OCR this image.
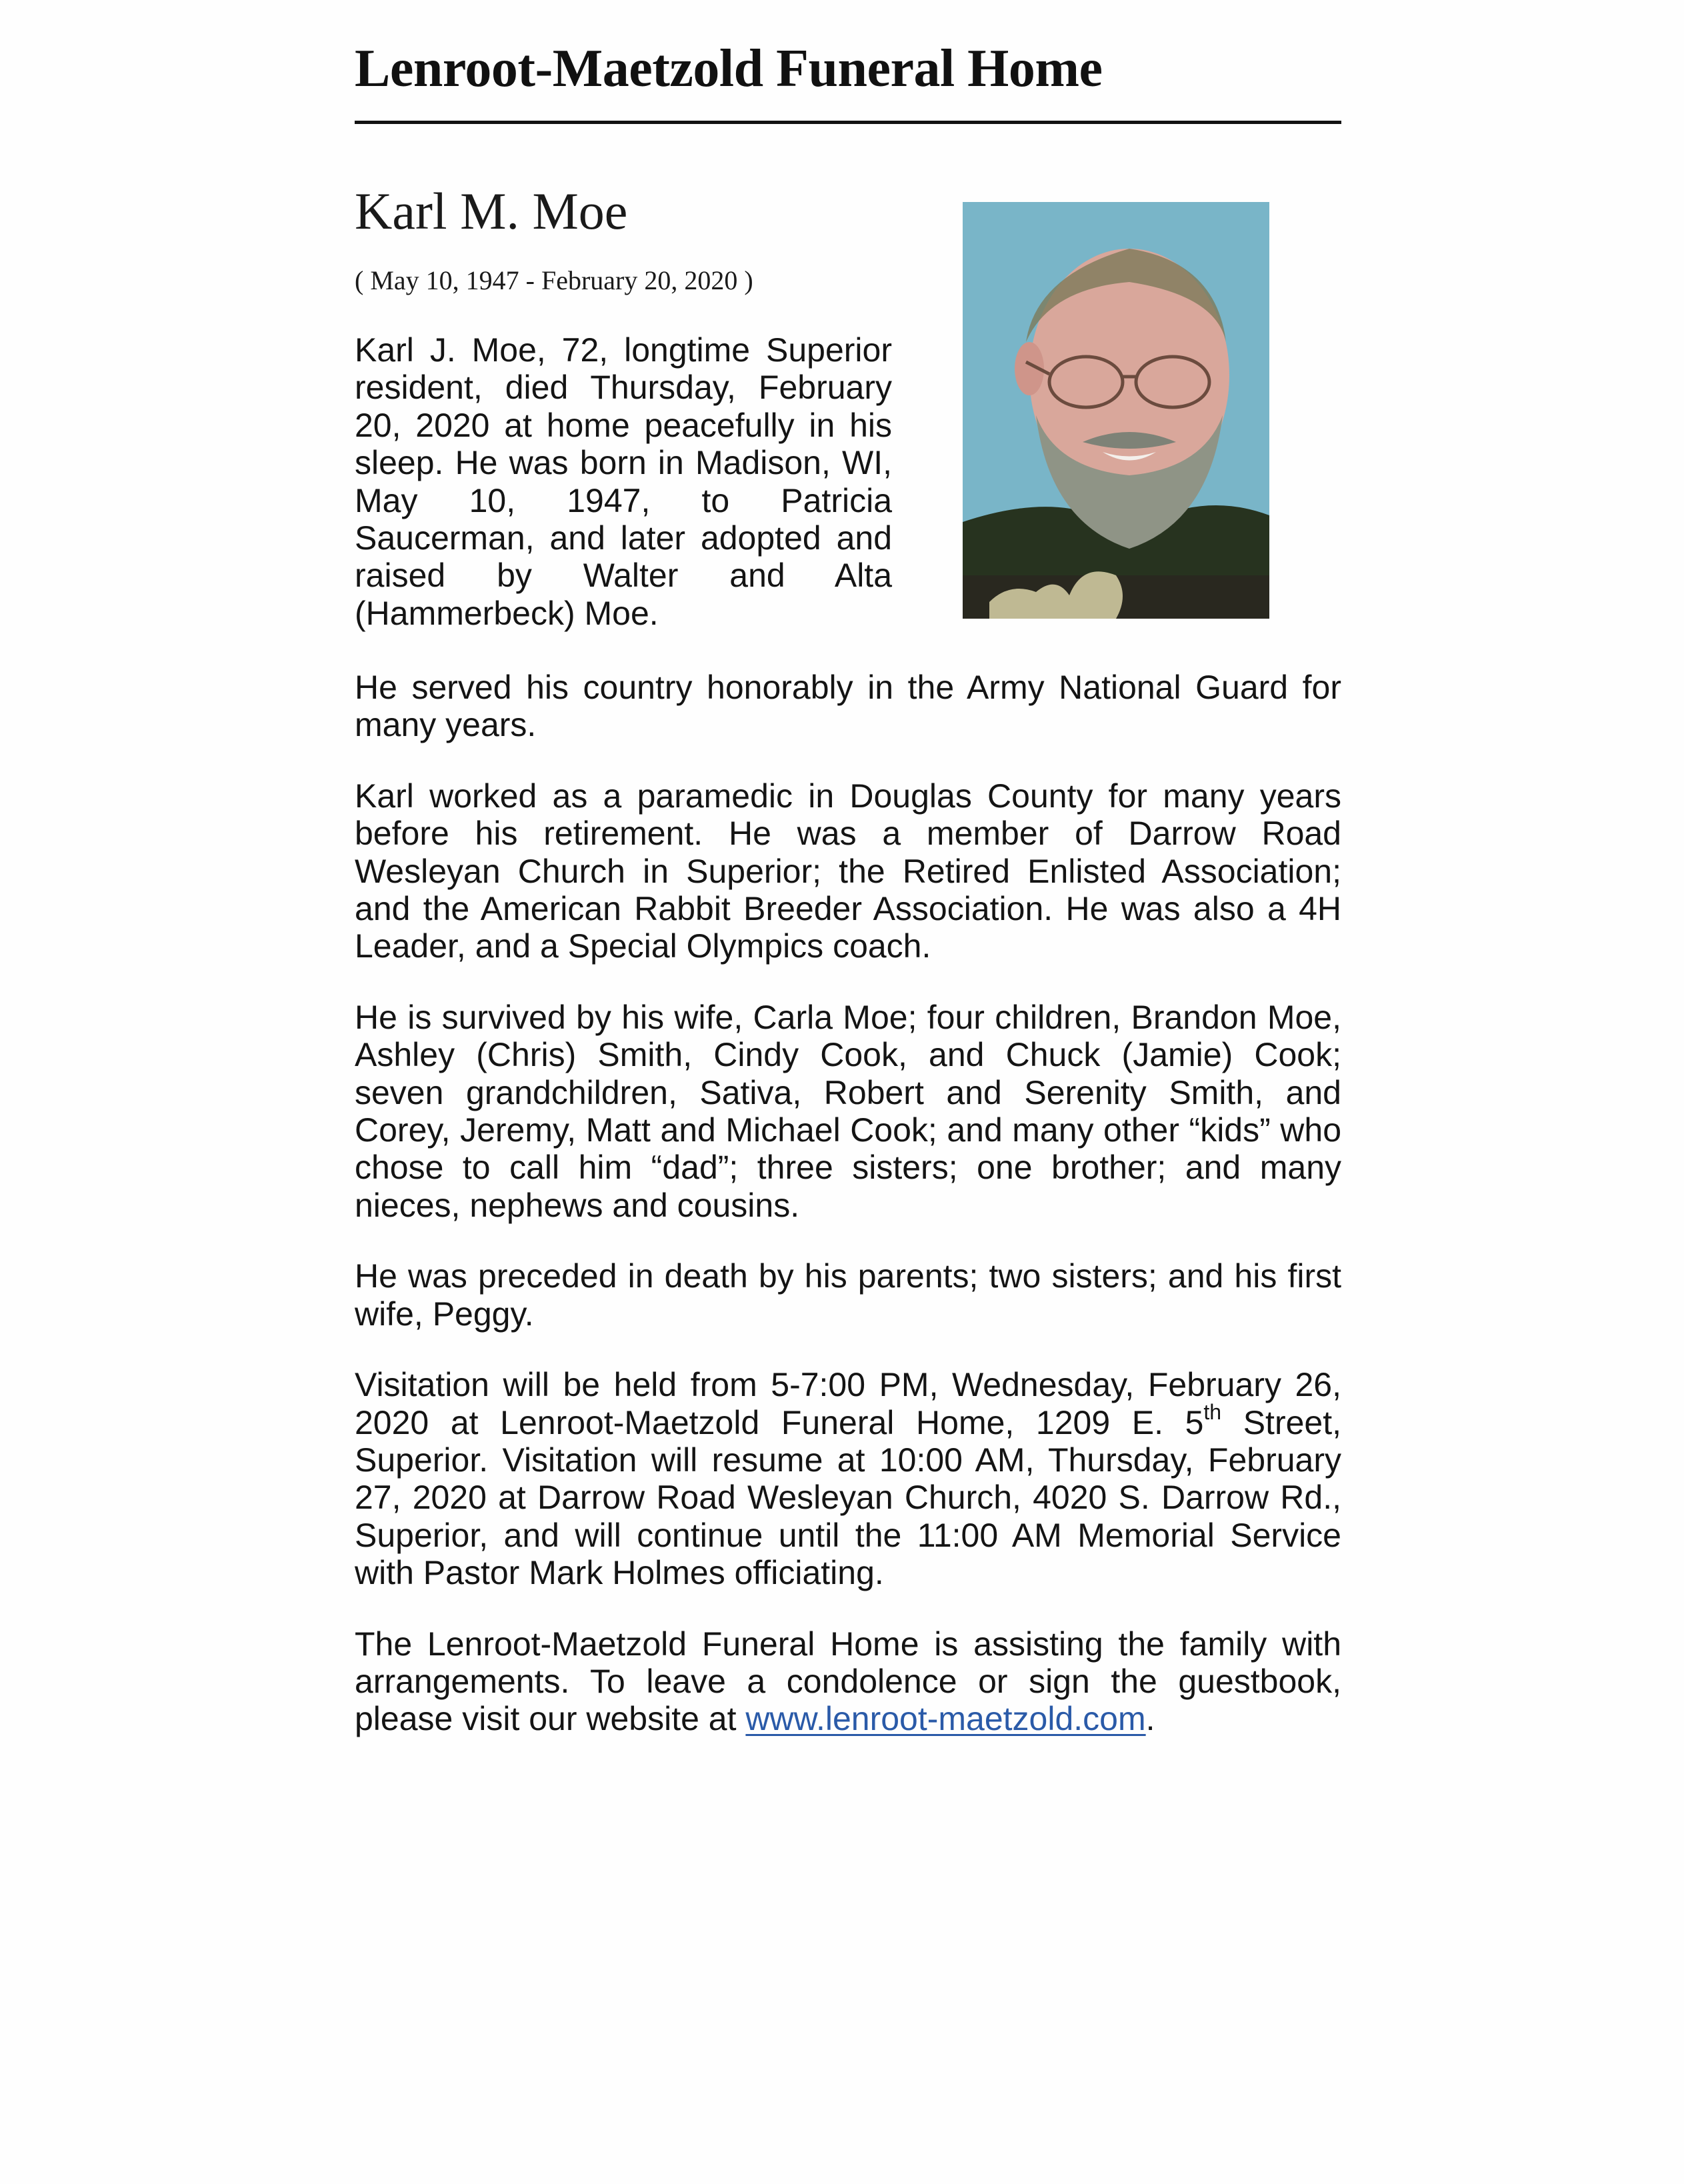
Lenroot-Maetzold Funeral Home
Karl M. Moe
( May 10, 1947 - February 20, 2020 )

Karl J. Moe, 72, longtime Superior resident, died Thursday, February 20, 2020 at home peacefully in his sleep. He was born in Madison, WI, May 10, 1947, to Patricia Saucerman, and later adopted and raised by Walter and Alta (Hammerbeck) Moe.

He served his country honorably in the Army National Guard for many years.

Karl worked as a paramedic in Douglas County for many years before his retirement. He was a member of Darrow Road Wesleyan Church in Superior; the Retired Enlisted Association; and the American Rabbit Breeder Association. He was also a 4H Leader, and a Special Olympics coach.

He is survived by his wife, Carla Moe; four children, Brandon Moe, Ashley (Chris) Smith, Cindy Cook, and Chuck (Jamie) Cook; seven grandchildren, Sativa, Robert and Serenity Smith, and Corey, Jeremy, Matt and Michael Cook; and many other “kids” who chose to call him “dad”; three sisters; one brother; and many nieces, nephews and cousins.

He was preceded in death by his parents; two sisters; and his first wife, Peggy.

Visitation will be held from 5-7:00 PM, Wednesday, February 26, 2020 at Lenroot-Maetzold Funeral Home, 1209 E. 5th Street, Superior. Visitation will resume at 10:00 AM, Thursday, February 27, 2020 at Darrow Road Wesleyan Church, 4020 S. Darrow Rd., Superior, and will continue until the 11:00 AM Memorial Service with Pastor Mark Holmes officiating.

The Lenroot-Maetzold Funeral Home is assisting the family with arrangements. To leave a condolence or sign the guestbook, please visit our website at www.lenroot-maetzold.com.
